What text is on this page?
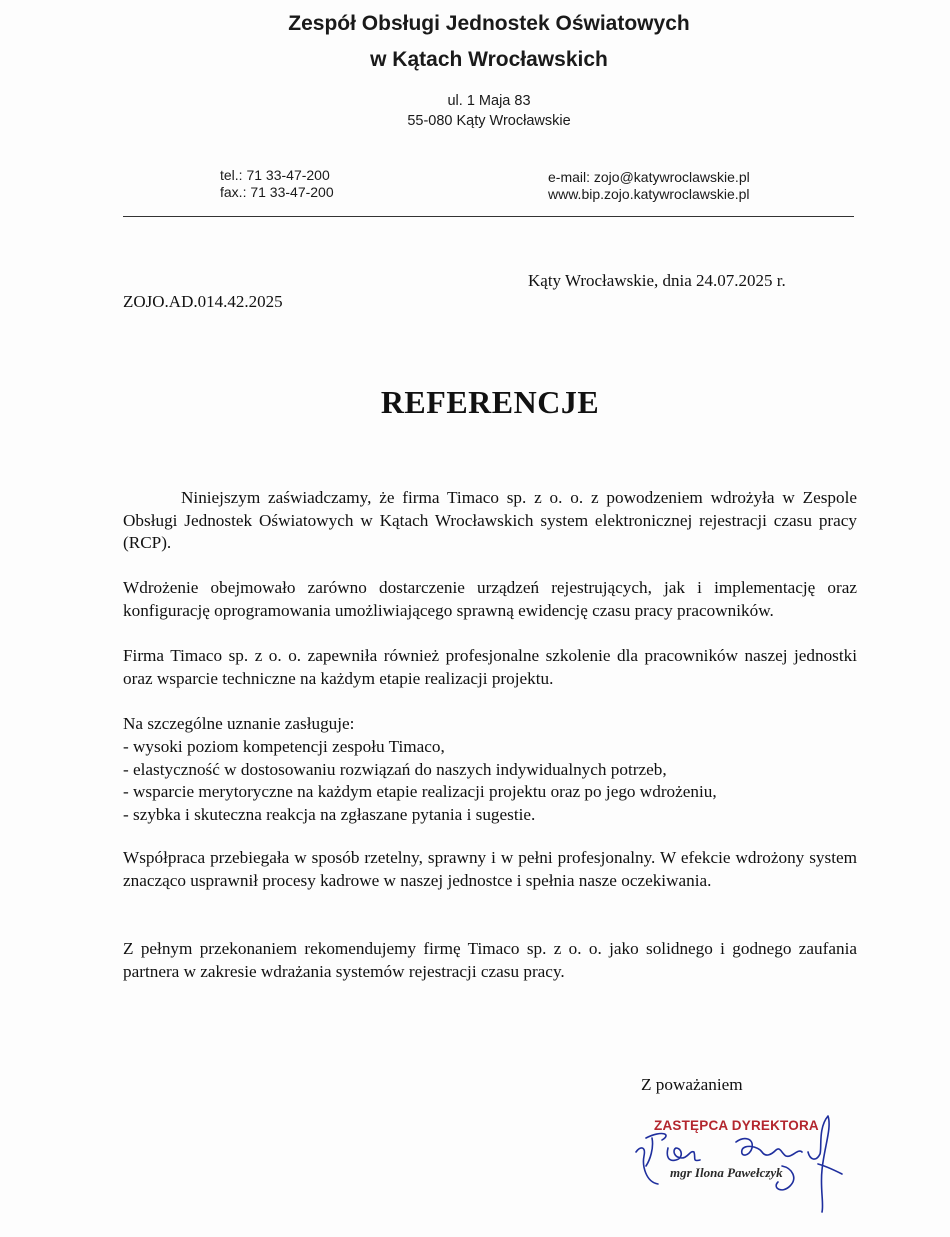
Zespół Obsługi Jednostek Oświatowych
w Kątach Wrocławskich

ul. 1 Maja 83

55-080 Kąty Wrocławskie

tel.: 71 33-47-200
fax.: 71 33-47-200
e-mail: zojo@katywroclawskie.pl
www.bip.zojo.katywroclawskie.pl
Kąty Wrocławskie, dnia 24.07.2025 r.
ZOJO.AD.014.42.2025
REFERENCJE

Niniejszym zaświadczamy, że firma Timaco sp. z o. o. z powodzeniem wdrożyła w Zespole Obsługi Jednostek Oświatowych w Kątach Wrocławskich system elektronicznej rejestracji czasu pracy (RCP).

Wdrożenie obejmowało zarówno dostarczenie urządzeń rejestrujących, jak i implementację oraz konfigurację oprogramowania umożliwiającego sprawną ewidencję czasu pracy pracowników.

Firma Timaco sp. z o. o. zapewniła również profesjonalne szkolenie dla pracowników naszej jednostki oraz wsparcie techniczne na każdym etapie realizacji projektu.

Na szczególne uznanie zasługuje:

- wysoki poziom kompetencji zespołu Timaco,
- elastyczność w dostosowaniu rozwiązań do naszych indywidualnych potrzeb,
- wsparcie merytoryczne na każdym etapie realizacji projektu oraz po jego wdrożeniu,
- szybka i skuteczna reakcja na zgłaszane pytania i sugestie.

Współpraca przebiegała w sposób rzetelny, sprawny i w pełni profesjonalny. W efekcie wdrożony system znacząco usprawnił procesy kadrowe w naszej jednostce i spełnia nasze oczekiwania.

Z pełnym przekonaniem rekomendujemy firmę Timaco sp. z o. o. jako solidnego i godnego zaufania partnera w zakresie wdrażania systemów rejestracji czasu pracy.

Z poważaniem
ZASTĘPCA DYREKTORA
mgr Ilona Pawełczyk
